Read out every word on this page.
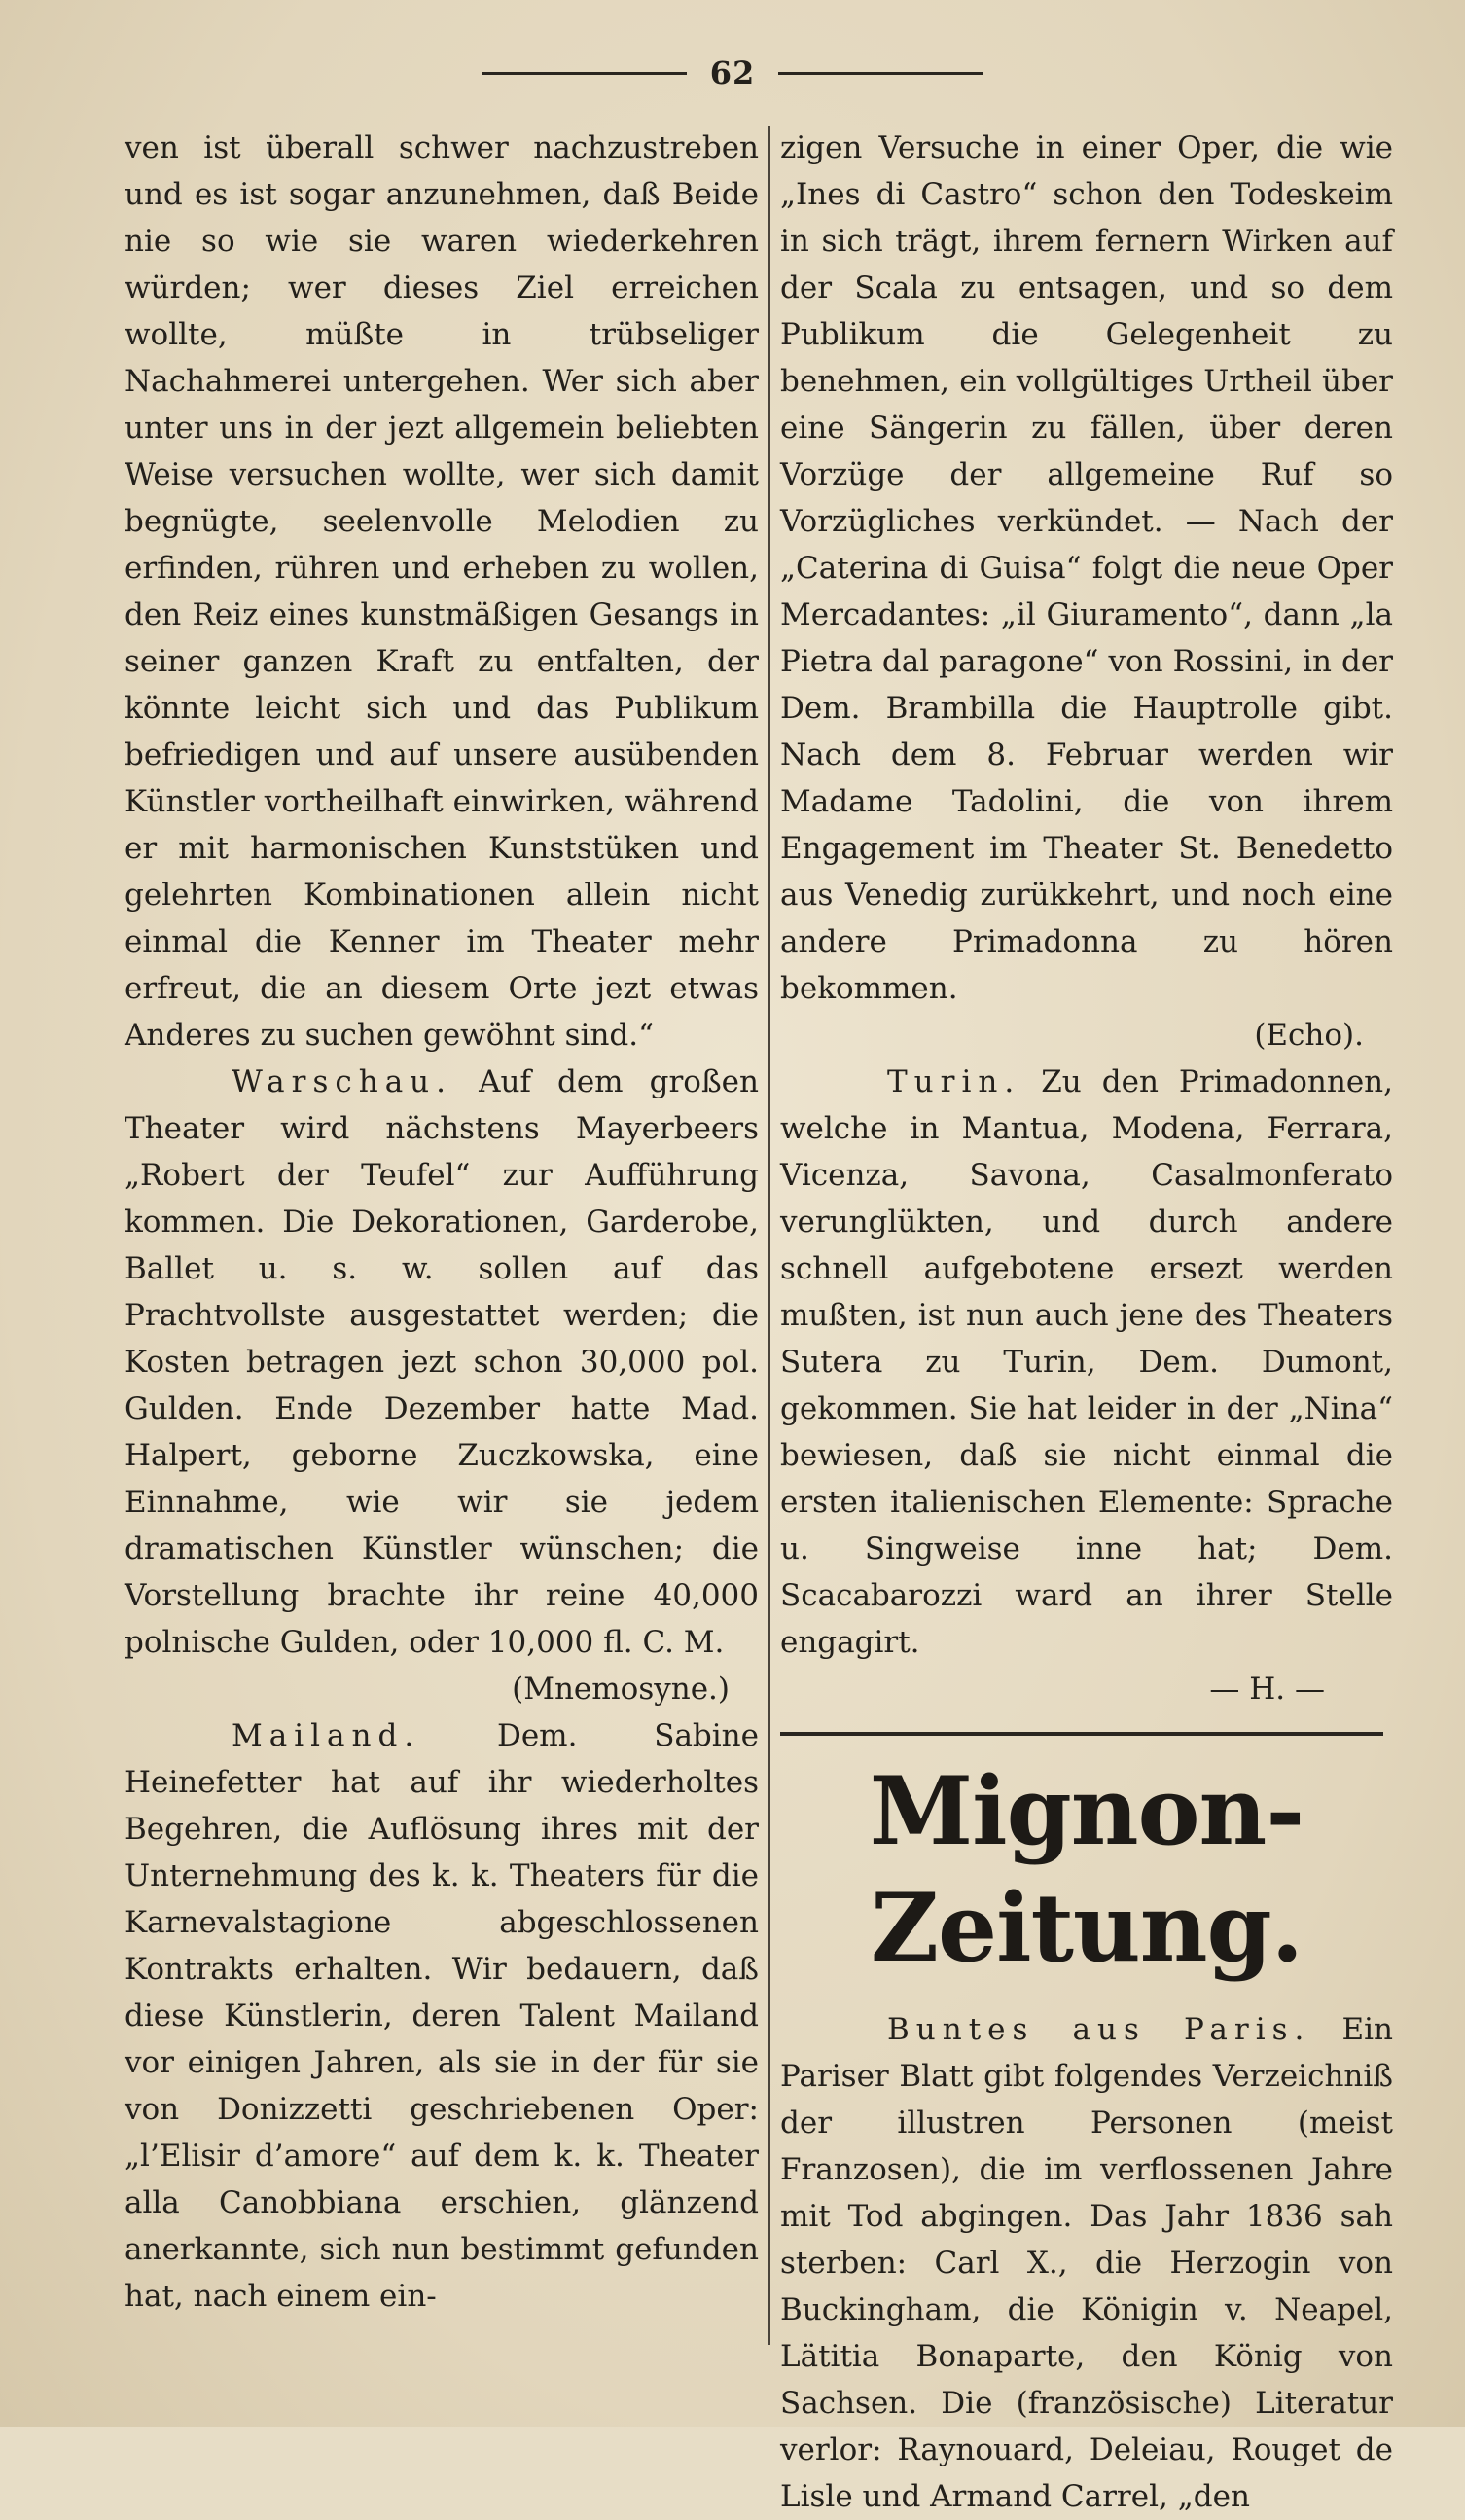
62

ven ist überall schwer nachzustreben und es ist sogar anzunehmen, daß Beide nie so wie sie waren wiederkehren würden; wer dieses Ziel erreichen wollte, müßte in trübseliger Nachahmerei untergehen. Wer sich aber unter uns in der jezt allgemein beliebten Weise versuchen wollte, wer sich damit begnügte, seelenvolle Melodien zu erfinden, rühren und erheben zu wollen, den Reiz eines kunstmäßigen Gesangs in seiner ganzen Kraft zu entfalten, der könnte leicht sich und das Publikum befriedigen und auf unsere ausübenden Künstler vortheilhaft einwirken, während er mit harmonischen Kunststüken und gelehrten Kombinationen allein nicht einmal die Kenner im Theater mehr erfreut, die an diesem Orte jezt etwas Anderes zu suchen gewöhnt sind.“

Warschau. Auf dem großen Theater wird nächstens Mayerbeers „Robert der Teufel“ zur Aufführung kommen. Die Dekorationen, Garderobe, Ballet u. s. w. sollen auf das Prachtvollste ausgestattet werden; die Kosten betragen jezt schon 30,000 pol. Gulden. Ende Dezember hatte Mad. Halpert, geborne Zuczkowska, eine Einnahme, wie wir sie jedem dramatischen Künstler wünschen; die Vorstellung brachte ihr reine 40,000 polnische Gulden, oder 10,000 fl. C. M.

(Mnemosyne.)

Mailand. Dem. Sabine Heinefetter hat auf ihr wiederholtes Begehren, die Auflösung ihres mit der Unternehmung des k. k. Theaters für die Karnevalstagione abgeschlossenen Kontrakts erhalten. Wir bedauern, daß diese Künstlerin, deren Talent Mailand vor einigen Jahren, als sie in der für sie von Donizzetti geschriebenen Oper: „l’Elisir d’amore“ auf dem k. k. Theater alla Canobbiana erschien, glänzend anerkannte, sich nun bestimmt gefunden hat, nach einem ein-

zigen Versuche in einer Oper, die wie „Ines di Castro“ schon den Todeskeim in sich trägt, ihrem fernern Wirken auf der Scala zu entsagen, und so dem Publikum die Gelegenheit zu benehmen, ein vollgültiges Urtheil über eine Sängerin zu fällen, über deren Vorzüge der allgemeine Ruf so Vorzügliches verkündet. — Nach der „Caterina di Guisa“ folgt die neue Oper Mercadantes: „il Giuramento“, dann „la Pietra dal paragone“ von Rossini, in der Dem. Brambilla die Hauptrolle gibt. Nach dem 8. Februar werden wir Madame Tadolini, die von ihrem Engagement im Theater St. Benedetto aus Venedig zurükkehrt, und noch eine andere Primadonna zu hören bekommen.

(Echo).

Turin. Zu den Primadonnen, welche in Mantua, Modena, Ferrara, Vicenza, Savona, Casalmonferato verunglükten, und durch andere schnell aufgebotene ersezt werden mußten, ist nun auch jene des Theaters Sutera zu Turin, Dem. Dumont, gekommen. Sie hat leider in der „Nina“ bewiesen, daß sie nicht einmal die ersten italienischen Elemente: Sprache u. Singweise inne hat; Dem. Scacabarozzi ward an ihrer Stelle engagirt.

— H. —

Mignon-Zeitung.

Buntes aus Paris. Ein Pariser Blatt gibt folgendes Verzeichniß der illustren Personen (meist Franzosen), die im verflossenen Jahre mit Tod abgingen. Das Jahr 1836 sah sterben: Carl X., die Herzogin von Buckingham, die Königin v. Neapel, Lätitia Bonaparte, den König von Sachsen. Die (französische) Literatur verlor: Raynouard, Deleiau, Rouget de Lisle und Armand Carrel, „den
